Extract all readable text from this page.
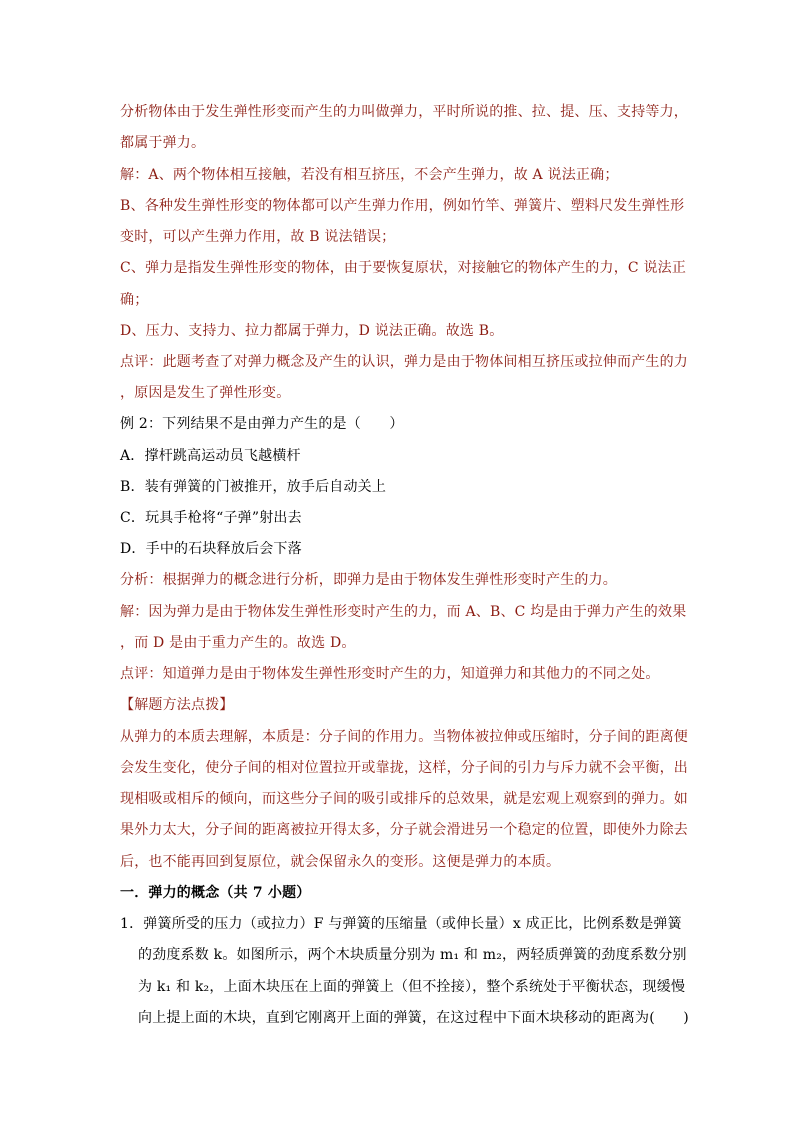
分析物体由于发生弹性形变而产生的力叫做弹力，平时所说的推、拉、提、压、支持等力，
都属于弹力。
解：A、两个物体相互接触，若没有相互挤压，不会产生弹力，故 A 说法正确；
B、各种发生弹性形变的物体都可以产生弹力作用，例如竹竿、弹簧片、塑料尺发生弹性形
变时，可以产生弹力作用，故 B 说法错误；
C、弹力是指发生弹性形变的物体，由于要恢复原状，对接触它的物体产生的力，C 说法正
确；
D、压力、支持力、拉力都属于弹力，D 说法正确。故选 B。
点评：此题考查了对弹力概念及产生的认识，弹力是由于物体间相互挤压或拉伸而产生的力
，原因是发生了弹性形变。
例 2：下列结果不是由弹力产生的是（　　）
A．撑杆跳高运动员飞越横杆
B．装有弹簧的门被推开，放手后自动关上
C．玩具手枪将“子弹”射出去
D．手中的石块释放后会下落
分析：根据弹力的概念进行分析，即弹力是由于物体发生弹性形变时产生的力。
解：因为弹力是由于物体发生弹性形变时产生的力，而 A、B、C 均是由于弹力产生的效果
，而 D 是由于重力产生的。故选 D。
点评：知道弹力是由于物体发生弹性形变时产生的力，知道弹力和其他力的不同之处。
【解题方法点拨】
从弹力的本质去理解，本质是：分子间的作用力。当物体被拉伸或压缩时，分子间的距离便
会发生变化，使分子间的相对位置拉开或靠拢，这样，分子间的引力与斥力就不会平衡，出
现相吸或相斥的倾向，而这些分子间的吸引或排斥的总效果，就是宏观上观察到的弹力。如
果外力太大，分子间的距离被拉开得太多，分子就会滑进另一个稳定的位置，即使外力除去
后，也不能再回到复原位，就会保留永久的变形。这便是弹力的本质。
一．弹力的概念（共 7 小题）
1．弹簧所受的压力（或拉力）F 与弹簧的压缩量（或伸长量）x 成正比，比例系数是弹簧
的劲度系数 k。如图所示，两个木块质量分别为 m₁ 和 m₂，两轻质弹簧的劲度系数分别
为 k₁ 和 k₂，上面木块压在上面的弹簧上（但不拴接），整个系统处于平衡状态，现缓慢
向上提上面的木块，直到它刚离开上面的弹簧，在这过程中下面木块移动的距离为(　　)
